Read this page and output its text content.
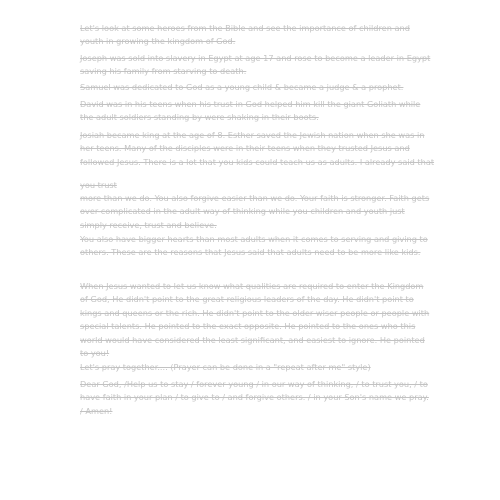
Let's look at some heroes from the Bible and see the importance of children and youth in growing the kingdom of God.

Joseph was sold into slavery in Egypt at age 17 and rose to become a leader in Egypt saving his family from starving to death.

Samuel was dedicated to God as a young child & became a judge & a prophet.

David was in his teens when his trust in God helped him kill the giant Goliath while the adult soldiers standing by were shaking in their boots.

Josiah became king at the age of 8. Esther saved the Jewish nation when she was in her teens. Many of the disciples were in their teens when they trusted Jesus and followed Jesus. There is a lot that you kids could teach us as adults. I already said that

you trust

more than we do. You also forgive easier than we do. Your faith is stronger. Faith gets over-complicated in the adult way of thinking while you children and youth just simply receive, trust and believe.

You also have bigger hearts than most adults when it comes to serving and giving to others. These are the reasons that Jesus said that adults need to be more like kids.

When Jesus wanted to let us know what qualities are required to enter the Kingdom of God, He didn't point to the great religious leaders of the day. He didn't point to kings and queens or the rich. He didn't point to the older wiser people or people with special talents. He pointed to the exact opposite. He pointed to the ones who this world would have considered the least significant, and easiest to ignore. He pointed to you!

Let's pray together.... (Prayer can be done in a "repeat after me" style)

Dear God, /Help us to stay / forever young / in our way of thinking, / to trust you, / to have faith in your plan / to give to / and forgive others. / in your Son's name we pray. / Amen!
